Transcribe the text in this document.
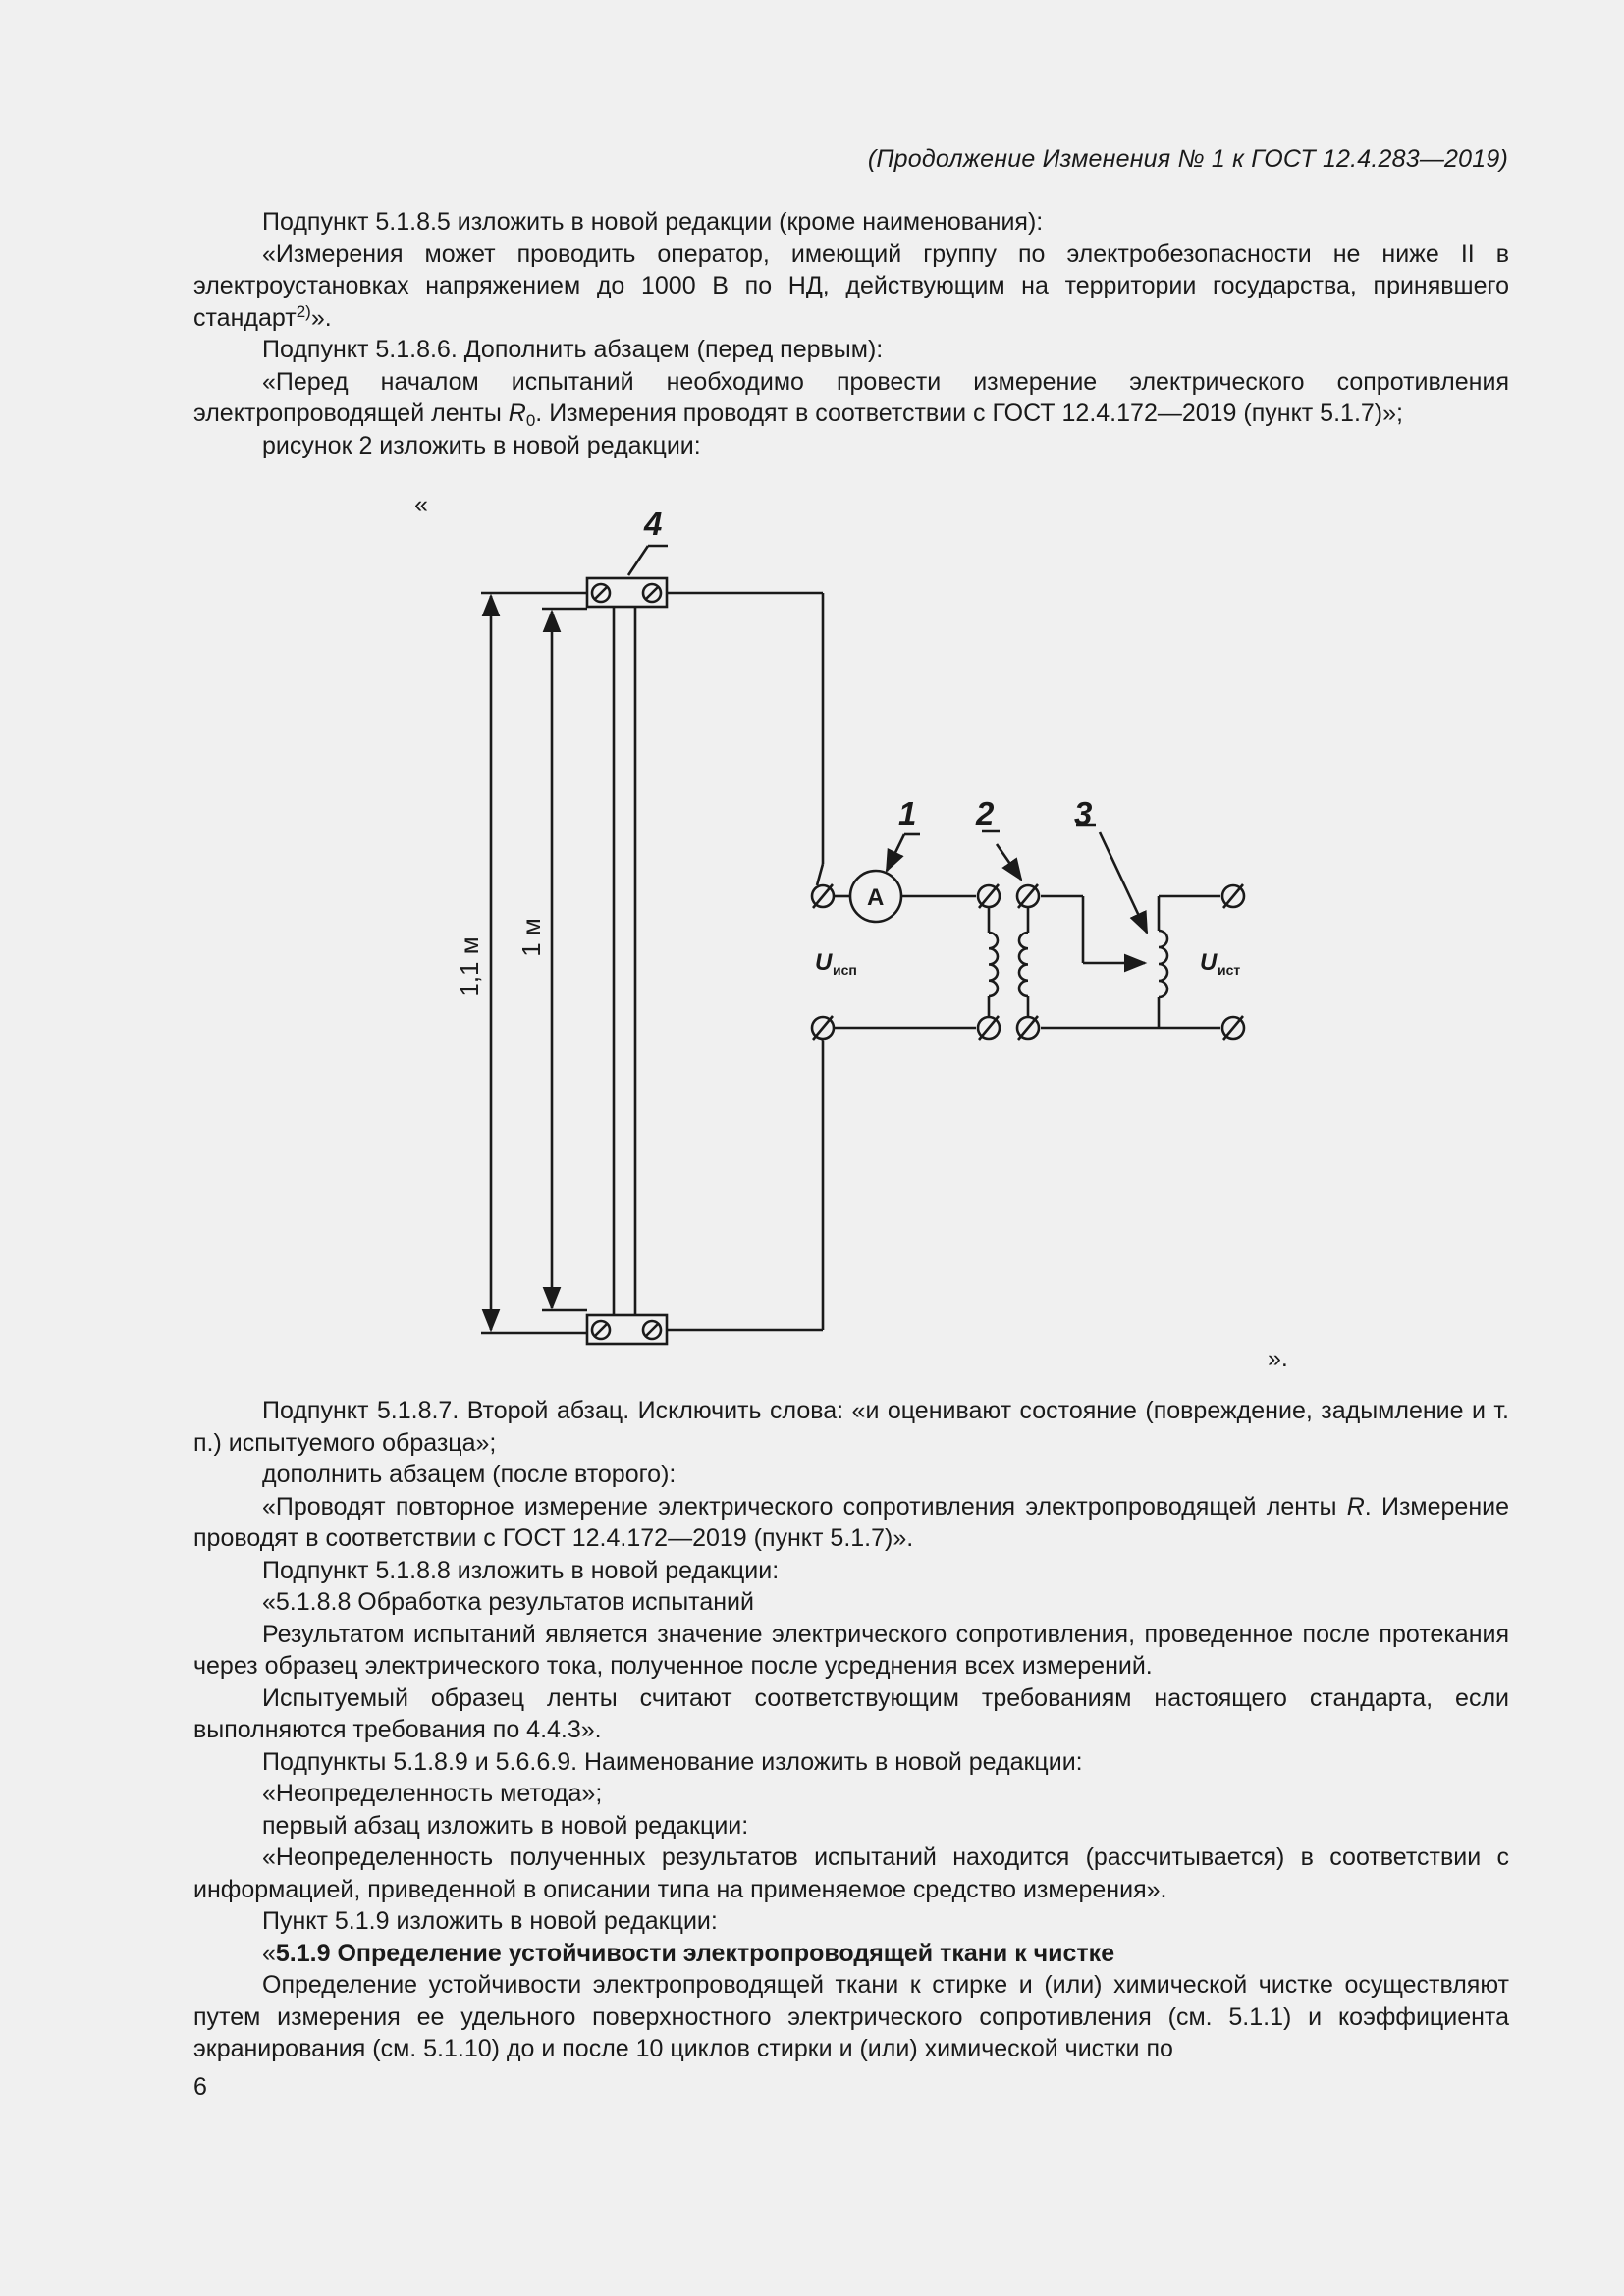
(Продолжение Изменения № 1 к ГОСТ 12.4.283—2019)

Подпункт 5.1.8.5 изложить в новой редакции (кроме наименования):

«Измерения может проводить оператор, имеющий группу по электробезопасности не ниже II в электроустановках напряжением до 1000 В по НД, действующим на территории государства, принявшего стандарт$^{2)}$».

Подпункт 5.1.8.6. Дополнить абзацем (перед первым):

«Перед началом испытаний необходимо провести измерение электрического сопротивления электропроводящей ленты $R_0$. Измерения проводят в соответствии с ГОСТ 12.4.172—2019 (пункт 5.1.7)»;

рисунок 2 изложить в новой редакции:

«
4
1 2 3
A
1,1 м 1 м
U исп	U ист
».

Подпункт 5.1.8.7. Второй абзац. Исключить слова: «и оценивают состояние (повреждение, задымление и т. п.) испытуемого образца»;

дополнить абзацем (после второго):

«Проводят повторное измерение электрического сопротивления электропроводящей ленты R. Измерение проводят в соответствии с ГОСТ 12.4.172—2019 (пункт 5.1.7)».

Подпункт 5.1.8.8 изложить в новой редакции:

«5.1.8.8 Обработка результатов испытаний

Результатом испытаний является значение электрического сопротивления, проведенное после протекания через образец электрического тока, полученное после усреднения всех измерений.

Испытуемый образец ленты считают соответствующим требованиям настоящего стандарта, если выполняются требования по 4.4.3».

Подпункты 5.1.8.9 и 5.6.6.9. Наименование изложить в новой редакции:

«Неопределенность метода»;

первый абзац изложить в новой редакции:

«Неопределенность полученных результатов испытаний находится (рассчитывается) в соответствии с информацией, приведенной в описании типа на применяемое средство измерения».

Пункт 5.1.9 изложить в новой редакции:

«5.1.9 Определение устойчивости электропроводящей ткани к чистке

Определение устойчивости электропроводящей ткани к стирке и (или) химической чистке осуществляют путем измерения ее удельного поверхностного электрического сопротивления (см. 5.1.1) и коэффициента экранирования (см. 5.1.10) до и после 10 циклов стирки и (или) химической чистки по

6
